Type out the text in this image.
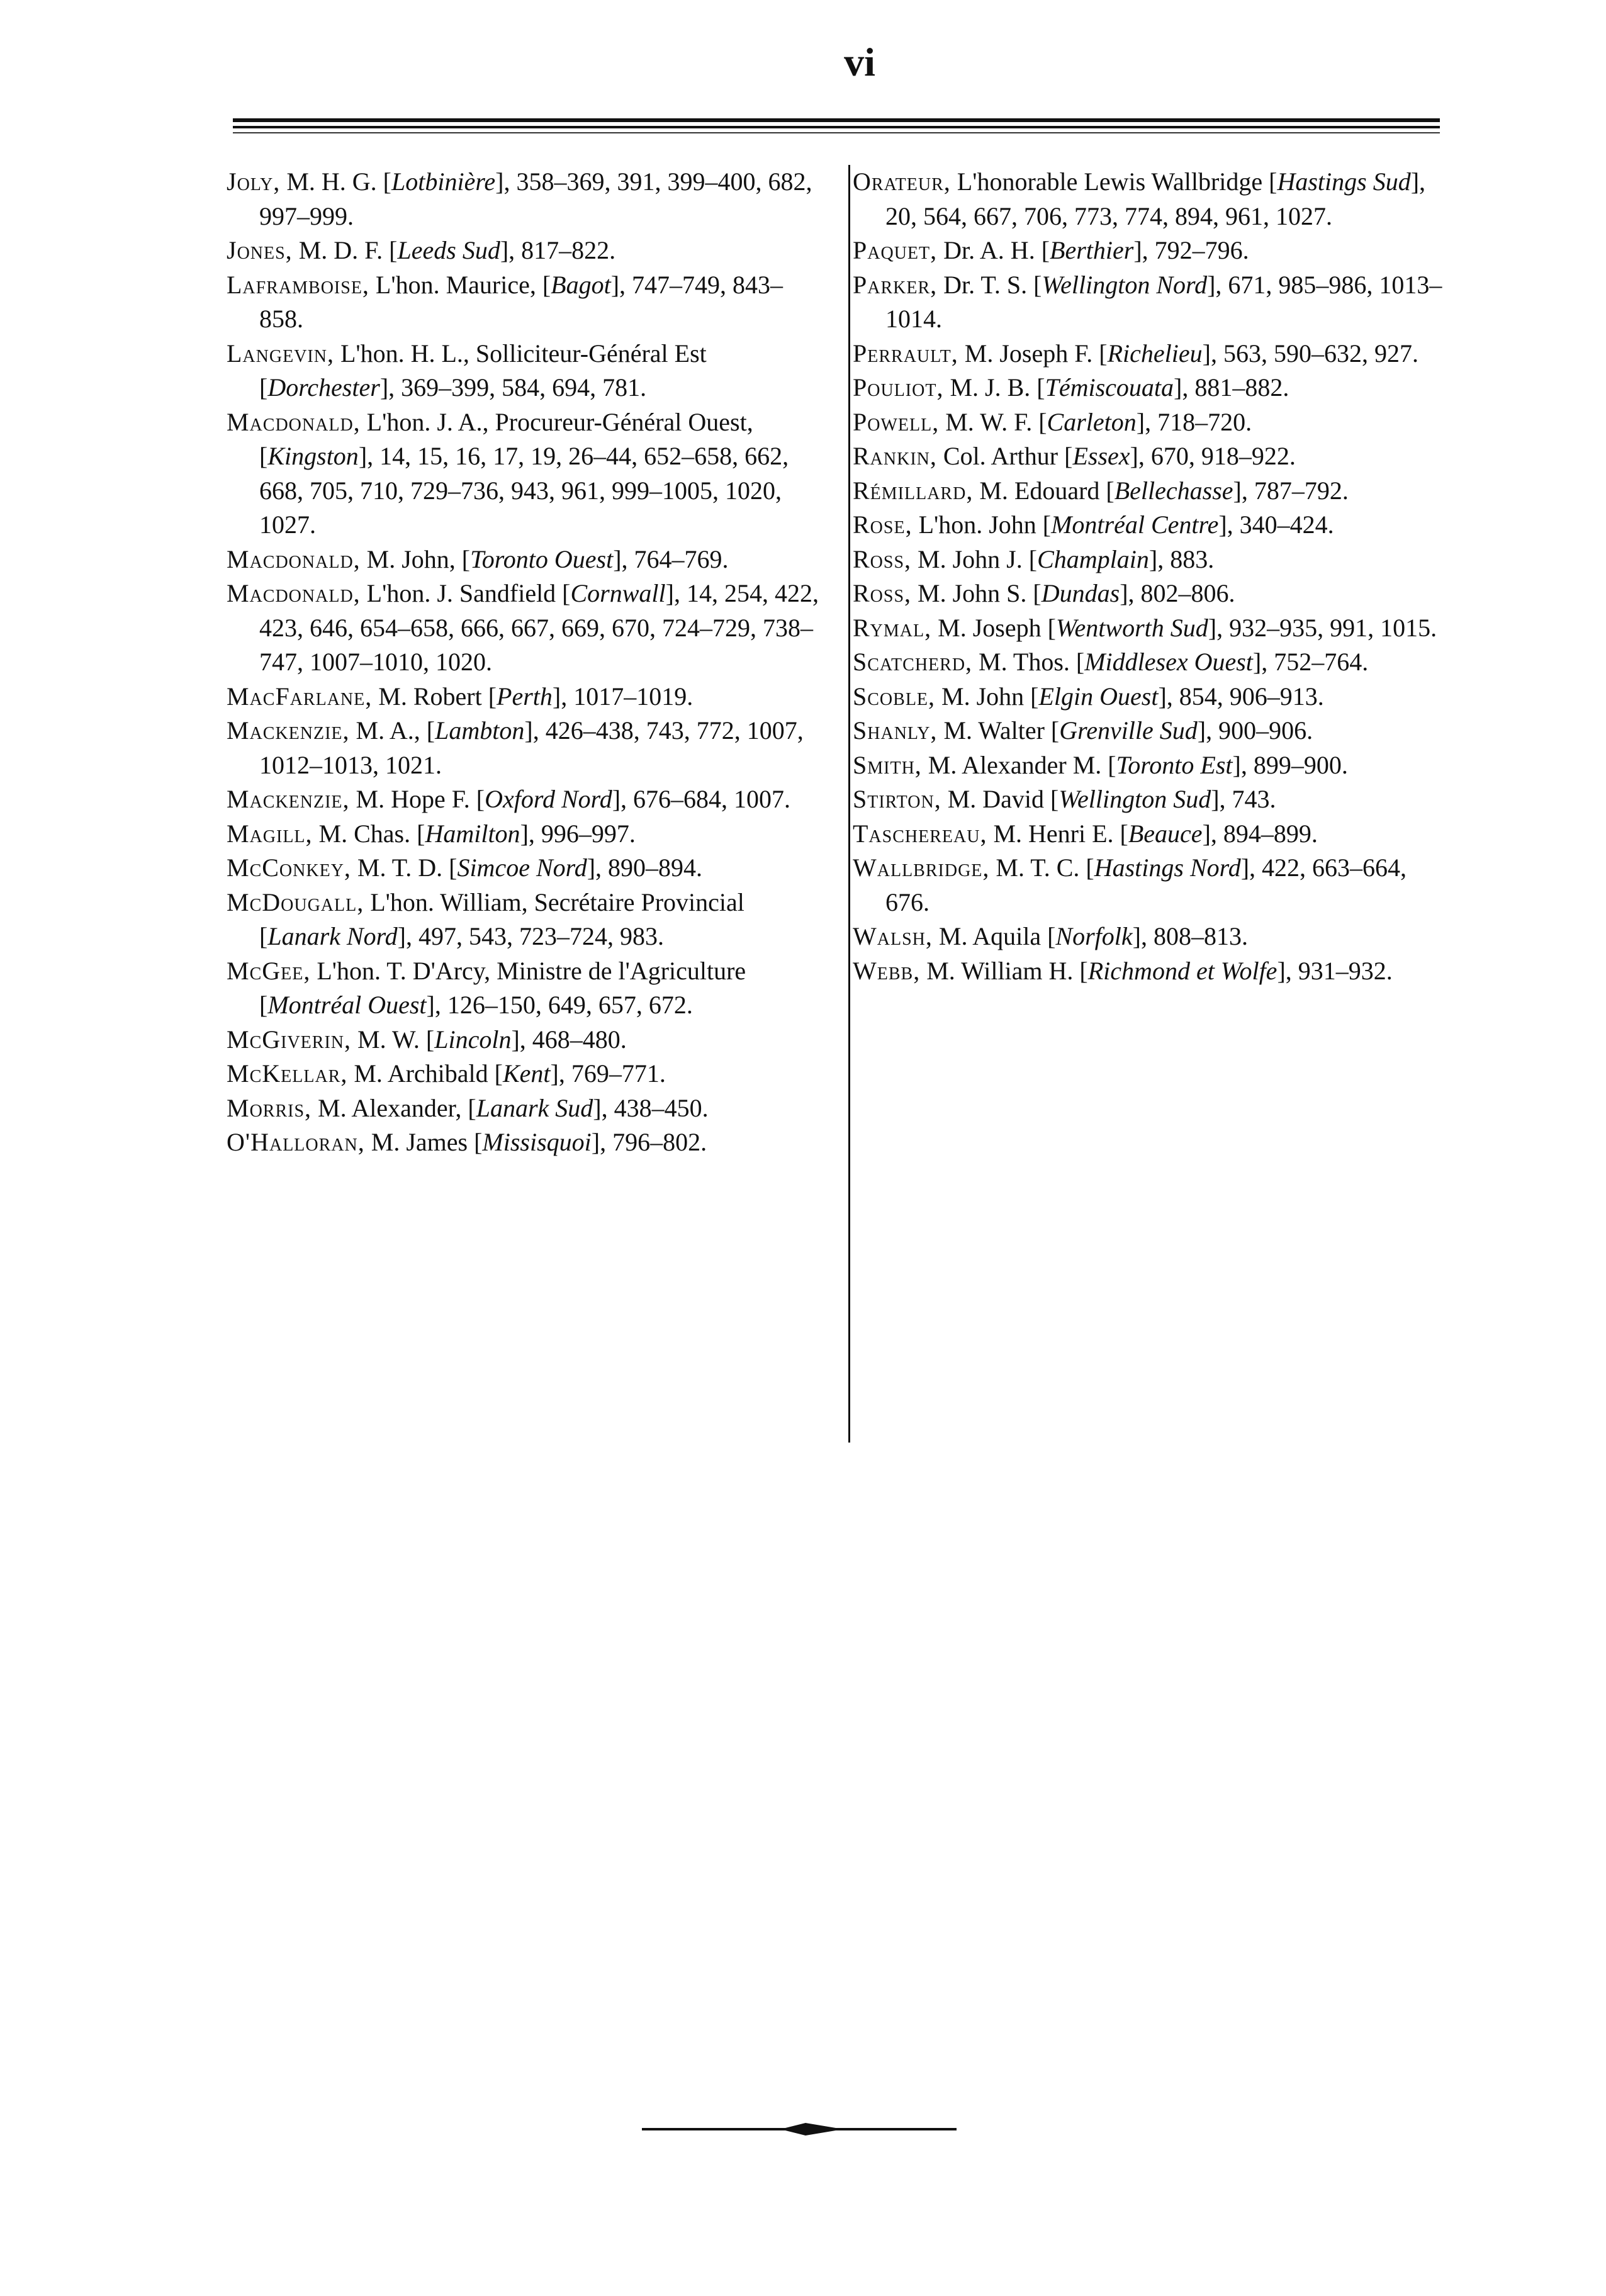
vi

Joly, M. H. G. [Lotbinière], 358–369, 391, 399–400, 682, 997–999.

Jones, M. D. F. [Leeds Sud], 817–822.

Laframboise, L'hon. Maurice, [Bagot], 747–749, 843–858.

Langevin, L'hon. H. L., Solliciteur-Général Est [Dorchester], 369–399, 584, 694, 781.

Macdonald, L'hon. J. A., Procureur-Général Ouest, [Kingston], 14, 15, 16, 17, 19, 26–44, 652–658, 662, 668, 705, 710, 729–736, 943, 961, 999–1005, 1020, 1027.

Macdonald, M. John, [Toronto Ouest], 764–769.

Macdonald, L'hon. J. Sandfield [Cornwall], 14, 254, 422, 423, 646, 654–658, 666, 667, 669, 670, 724–729, 738–747, 1007–1010, 1020.

MacFarlane, M. Robert [Perth], 1017–1019.

Mackenzie, M. A., [Lambton], 426–438, 743, 772, 1007, 1012–1013, 1021.

Mackenzie, M. Hope F. [Oxford Nord], 676–684, 1007.

Magill, M. Chas. [Hamilton], 996–997.

McConkey, M. T. D. [Simcoe Nord], 890–894.

McDougall, L'hon. William, Secrétaire Provincial [Lanark Nord], 497, 543, 723–724, 983.

McGee, L'hon. T. D'Arcy, Ministre de l'Agriculture [Montréal Ouest], 126–150, 649, 657, 672.

McGiverin, M. W. [Lincoln], 468–480.

McKellar, M. Archibald [Kent], 769–771.

Morris, M. Alexander, [Lanark Sud], 438–450.

O'Halloran, M. James [Missisquoi], 796–802.

Orateur, L'honorable Lewis Wallbridge [Hastings Sud], 20, 564, 667, 706, 773, 774, 894, 961, 1027.

Paquet, Dr. A. H. [Berthier], 792–796.

Parker, Dr. T. S. [Wellington Nord], 671, 985–986, 1013–1014.

Perrault, M. Joseph F. [Richelieu], 563, 590–632, 927.

Pouliot, M. J. B. [Témiscouata], 881–882.

Powell, M. W. F. [Carleton], 718–720.

Rankin, Col. Arthur [Essex], 670, 918–922.

Rémillard, M. Edouard [Bellechasse], 787–792.

Rose, L'hon. John [Montréal Centre], 340–424.

Ross, M. John J. [Champlain], 883.

Ross, M. John S. [Dundas], 802–806.

Rymal, M. Joseph [Wentworth Sud], 932–935, 991, 1015.

Scatcherd, M. Thos. [Middlesex Ouest], 752–764.

Scoble, M. John [Elgin Ouest], 854, 906–913.

Shanly, M. Walter [Grenville Sud], 900–906.

Smith, M. Alexander M. [Toronto Est], 899–900.

Stirton, M. David [Wellington Sud], 743.

Taschereau, M. Henri E. [Beauce], 894–899.

Wallbridge, M. T. C. [Hastings Nord], 422, 663–664, 676.

Walsh, M. Aquila [Norfolk], 808–813.

Webb, M. William H. [Richmond et Wolfe], 931–932.
